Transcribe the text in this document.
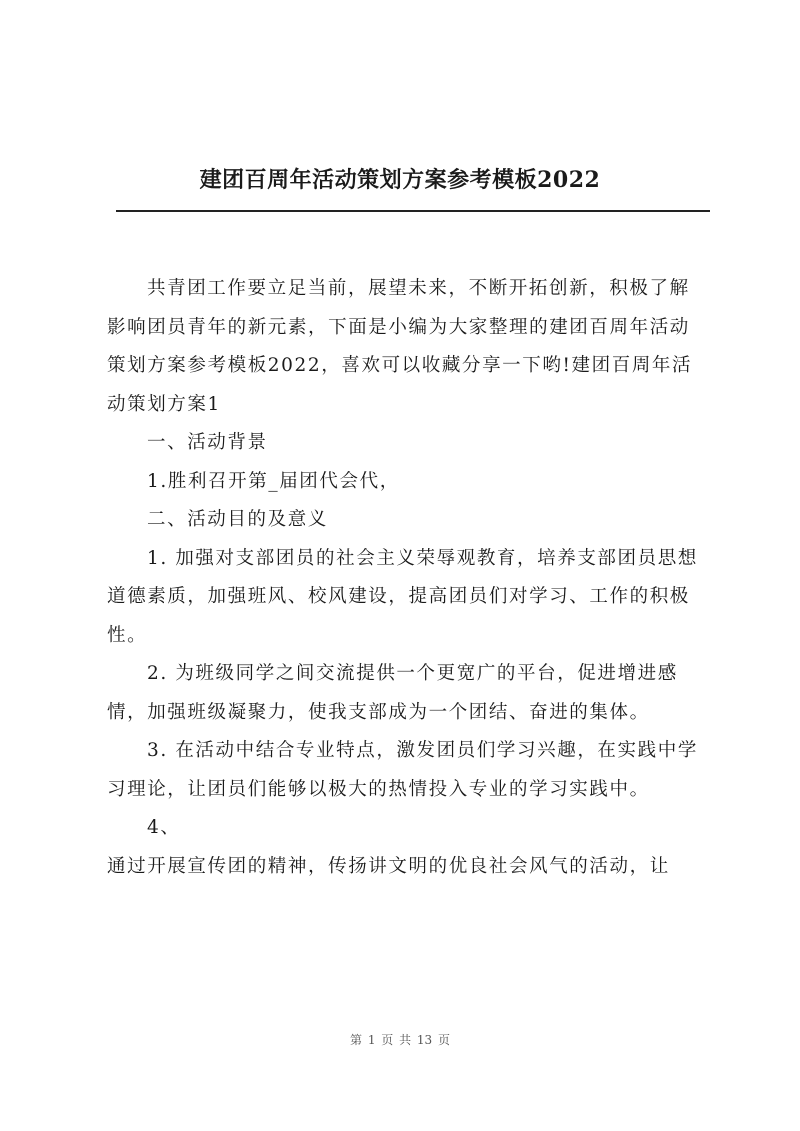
建团百周年活动策划方案参考模板2022

共青团工作要立足当前，展望未来，不断开拓创新，积极了解影响团员青年的新元素，下面是小编为大家整理的建团百周年活动策划方案参考模板2022，喜欢可以收藏分享一下哟!建团百周年活动策划方案1

一、活动背景

1.胜利召开第_届团代会代，

二、活动目的及意义

1. 加强对支部团员的社会主义荣辱观教育，培养支部团员思想道德素质，加强班风、校风建设，提高团员们对学习、工作的积极性。

2. 为班级同学之间交流提供一个更宽广的平台，促进增进感情，加强班级凝聚力，使我支部成为一个团结、奋进的集体。

3. 在活动中结合专业特点，激发团员们学习兴趣，在实践中学习理论，让团员们能够以极大的热情投入专业的学习实践中。

4、

通过开展宣传团的精神，传扬讲文明的优良社会风气的活动，让

第 1 页 共 13 页
